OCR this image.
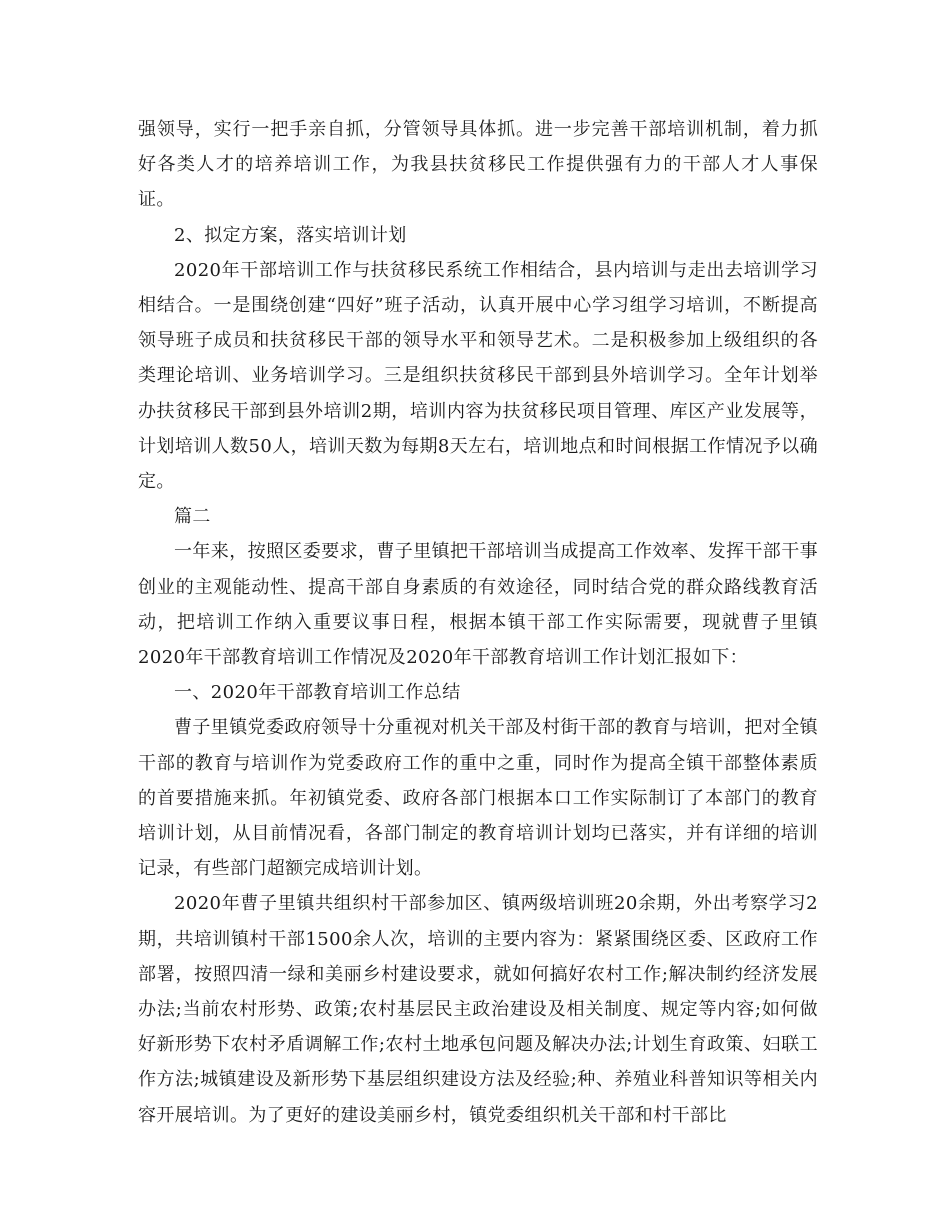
强领导，实行一把手亲自抓，分管领导具体抓。进一步完善干部培训机制，着力抓好各类人才的培养培训工作，为我县扶贫移民工作提供强有力的干部人才人事保证。

2、拟定方案，落实培训计划

2020年干部培训工作与扶贫移民系统工作相结合，县内培训与走出去培训学习相结合。一是围绕创建“四好”班子活动，认真开展中心学习组学习培训，不断提高领导班子成员和扶贫移民干部的领导水平和领导艺术。二是积极参加上级组织的各类理论培训、业务培训学习。三是组织扶贫移民干部到县外培训学习。全年计划举办扶贫移民干部到县外培训2期，培训内容为扶贫移民项目管理、库区产业发展等，计划培训人数50人，培训天数为每期8天左右，培训地点和时间根据工作情况予以确定。

篇二

一年来，按照区委要求，曹子里镇把干部培训当成提高工作效率、发挥干部干事创业的主观能动性、提高干部自身素质的有效途径，同时结合党的群众路线教育活动，把培训工作纳入重要议事日程，根据本镇干部工作实际需要，现就曹子里镇2020年干部教育培训工作情况及2020年干部教育培训工作计划汇报如下：

一、2020年干部教育培训工作总结

曹子里镇党委政府领导十分重视对机关干部及村街干部的教育与培训，把对全镇干部的教育与培训作为党委政府工作的重中之重，同时作为提高全镇干部整体素质的首要措施来抓。年初镇党委、政府各部门根据本口工作实际制订了本部门的教育培训计划，从目前情况看，各部门制定的教育培训计划均已落实，并有详细的培训记录，有些部门超额完成培训计划。

2020年曹子里镇共组织村干部参加区、镇两级培训班20余期，外出考察学习2期，共培训镇村干部1500余人次，培训的主要内容为：紧紧围绕区委、区政府工作部署，按照四清一绿和美丽乡村建设要求，就如何搞好农村工作;解决制约经济发展办法;当前农村形势、政策;农村基层民主政治建设及相关制度、规定等内容;如何做好新形势下农村矛盾调解工作;农村土地承包问题及解决办法;计划生育政策、妇联工作方法;城镇建设及新形势下基层组织建设方法及经验;种、养殖业科普知识等相关内容开展培训。为了更好的建设美丽乡村，镇党委组织机关干部和村干部比
